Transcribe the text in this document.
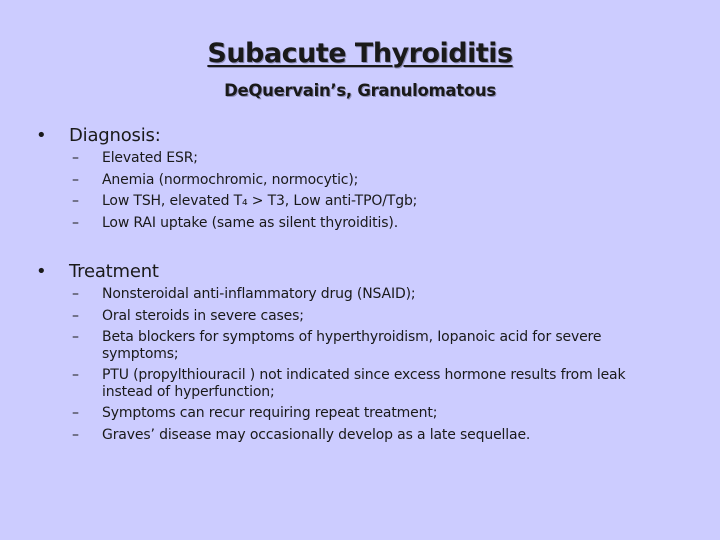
Subacute Thyroiditis
DeQuervain’s, Granulomatous
•	Diagnosis:
–	Elevated ESR;
–	Anemia (normochromic, normocytic);
–	Low TSH, elevated T₄ > T3, Low anti-TPO/Tgb;
–	Low RAI uptake (same as silent thyroiditis).
•	Treatment
–	Nonsteroidal anti-inflammatory drug (NSAID);
–	Oral steroids in severe cases;
–	Beta blockers for symptoms of hyperthyroidism, Iopanoic acid for severe symptoms;
–	PTU (propylthiouracil ) not indicated since excess hormone results from leak instead of hyperfunction;
–	Symptoms can recur requiring repeat treatment;
–	Graves’ disease may occasionally develop as a late sequellae.
